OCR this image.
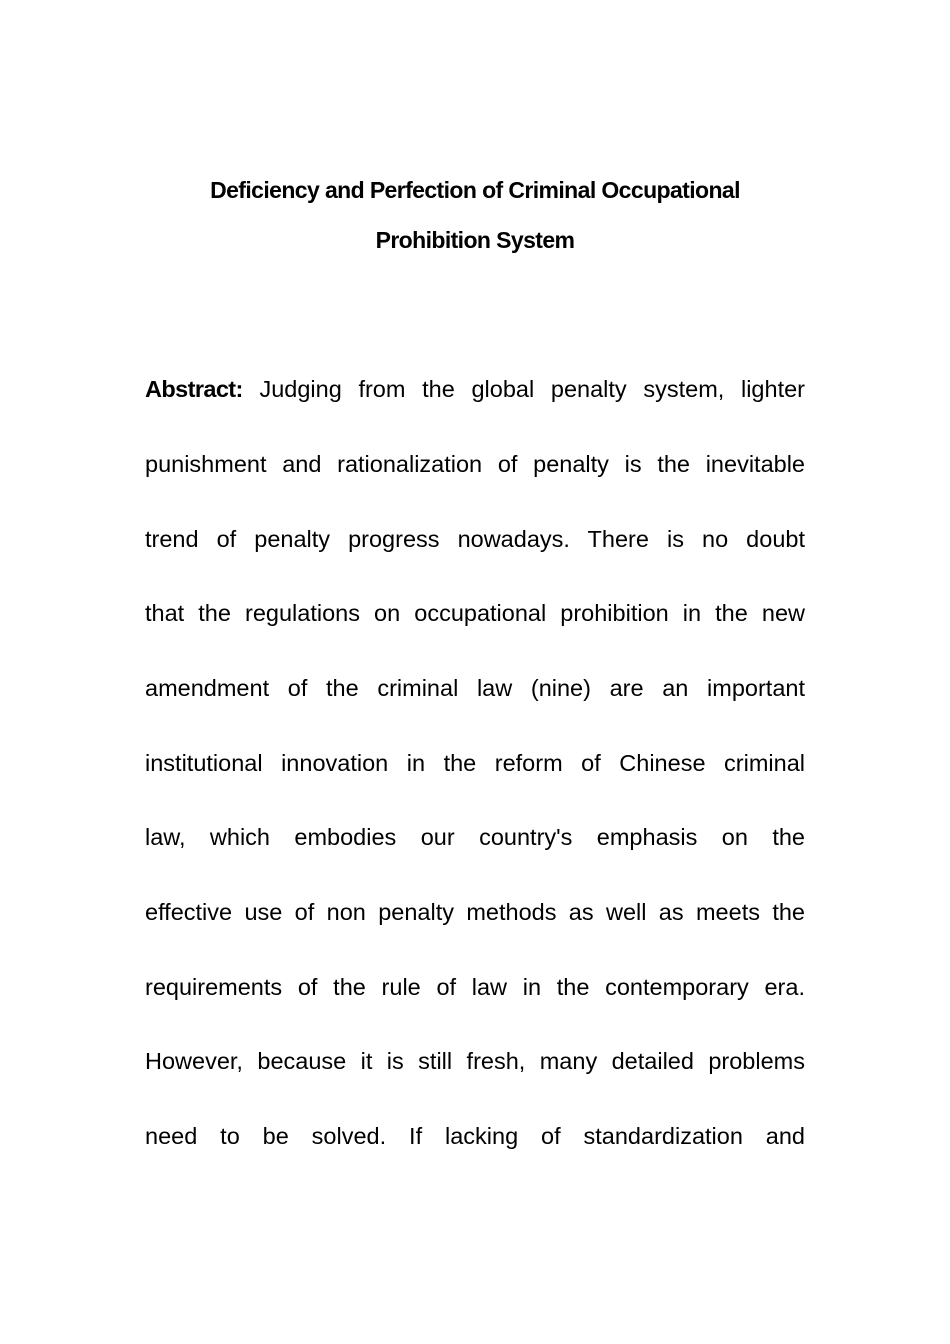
Deficiency and Perfection of Criminal Occupational
Prohibition System
Abstract: Judging from the global penalty system, lighter
punishment and rationalization of penalty is the inevitable
trend of penalty progress nowadays. There is no doubt
that the regulations on occupational prohibition in the new
amendment of the criminal law (nine) are an important
institutional innovation in the reform of Chinese criminal
law, which embodies our country's emphasis on the
effective use of non penalty methods as well as meets the
requirements of the rule of law in the contemporary era.
However, because it is still fresh, many detailed problems
need to be solved. If lacking of standardization and
